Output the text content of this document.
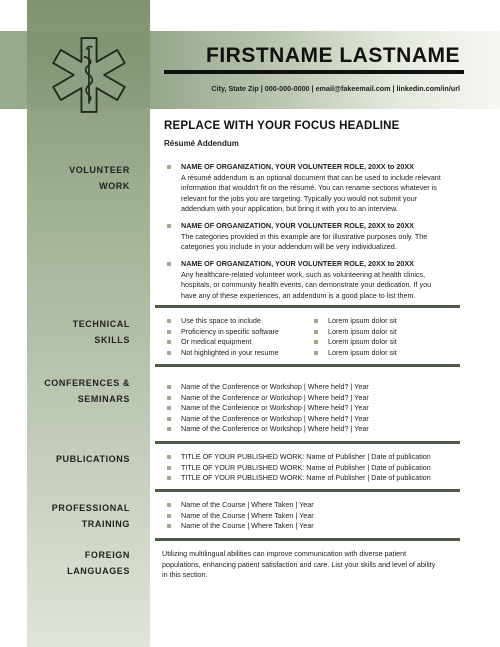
FIRSTNAME LASTNAME
City, State Zip | 000-000-0000 | email@fakeemail.com | linkedin.com/in/url
REPLACE WITH YOUR FOCUS HEADLINE
Résumé Addendum
VOLUNTEER
WORK
NAME OF ORGANIZATION, YOUR VOLUNTEER ROLE, 20XX to 20XX
A résumé addendum is an optional document that can be used to include relevant
information that wouldn't fit on the résumé. You can rename sections whatever is
relevant for the jobs you are targeting. Typically you would not submit your
addendum with your application, but bring it with you to an interview.
NAME OF ORGANIZATION, YOUR VOLUNTEER ROLE, 20XX to 20XX
The categories provided in this example are for illustrative purposes only. The
categories you include in your addendum will be very individualized.
NAME OF ORGANIZATION, YOUR VOLUNTEER ROLE, 20XX to 20XX
Any healthcare-related volunteer work, such as volunteering at health clinics,
hospitals, or community health events, can demonstrate your dedication. If you
have any of these experiences, an addendum is a good place to list them.
TECHNICAL SKILLS
Use this space to include
Proficiency in specific software
Or medical equipment
Not highlighted in your resume
Lorem ipsum dolor sit
Lorem ipsum dolor sit
Lorem ipsum dolor sit
Lorem ipsum dolor sit
CONFERENCES &
SEMINARS
Name of the Conference or Workshop | Where held? | Year
Name of the Conference or Workshop | Where held? | Year
Name of the Conference or Workshop | Where held? | Year
Name of the Conference or Workshop | Where held? | Year
Name of the Conference or Workshop | Where held? | Year
PUBLICATIONS	TITLE OF YOUR PUBLISHED WORK: Name of Publisher | Date of publication
TITLE OF YOUR PUBLISHED WORK: Name of Publisher | Date of publication
TITLE OF YOUR PUBLISHED WORK: Name of Publisher | Date of publication
PROFESSIONAL
TRAINING
Name of the Course | Where Taken | Year
Name of the Course | Where Taken | Year
Name of the Course | Where Taken | Year
FOREIGN
LANGUAGES
Utilizing multilingual abilities can improve communication with diverse patient
populations, enhancing patient satisfaction and care. List your skills and level of ability
in this section.
